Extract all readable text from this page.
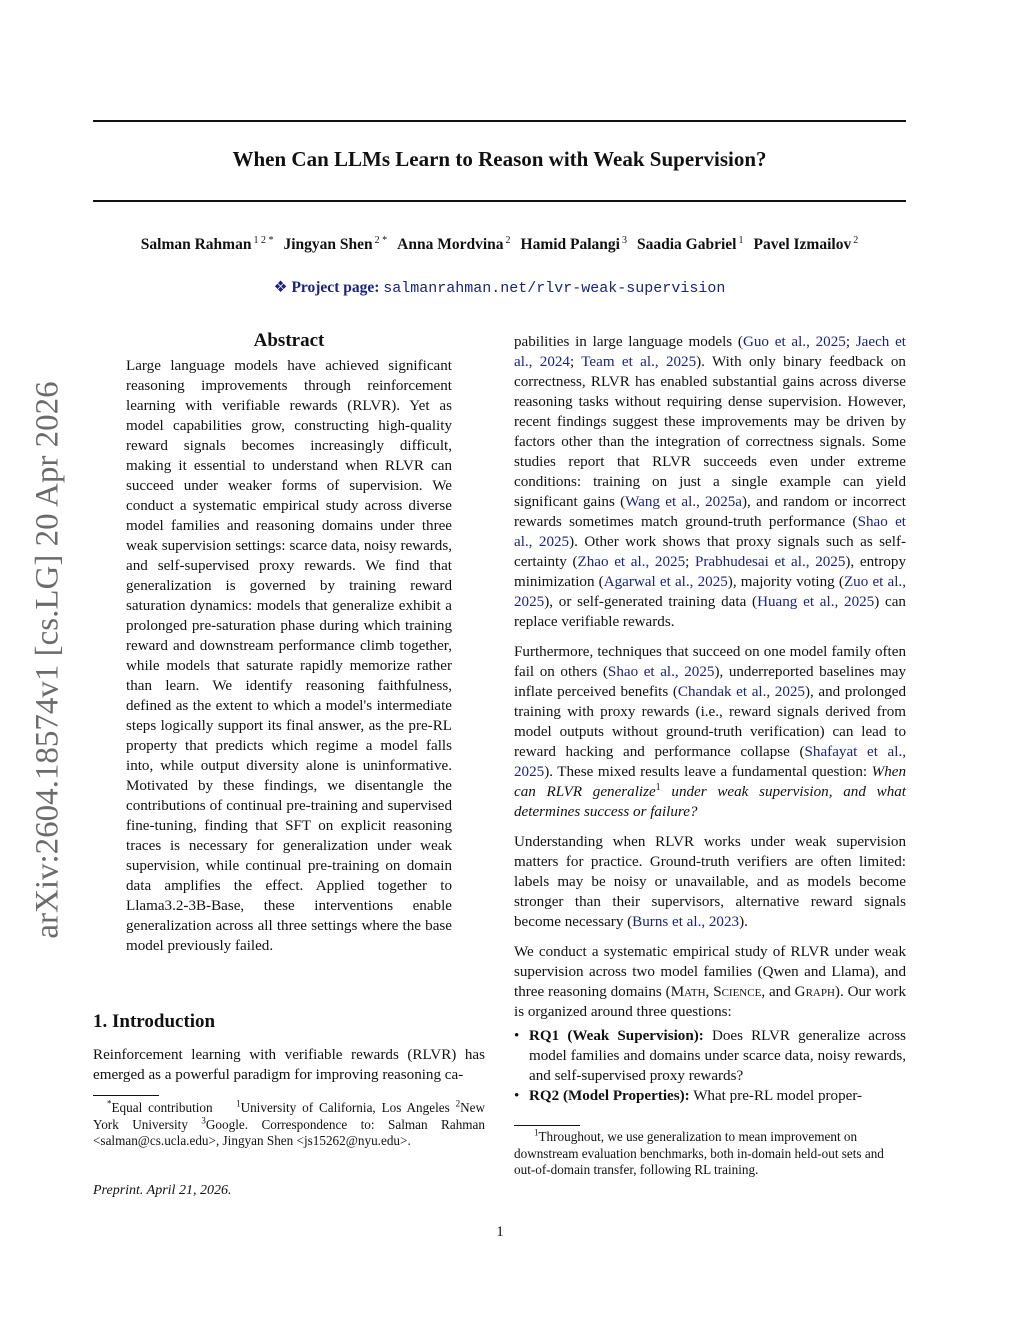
When Can LLMs Learn to Reason with Weak Supervision?
Salman Rahman $^{1 2 *}$ Jingyan Shen $^{2 *}$ Anna Mordvina $^2$ Hamid Palangi $^3$ Saadia Gabriel $^1$ Pavel Izmailov $^2$
❖ Project page: salmanrahman.net/rlvr-weak-supervision
arXiv:2604.18574v1 [cs.LG] 20 Apr 2026
Abstract
Large language models have achieved significant reasoning improvements through reinforcement learning with verifiable rewards (RLVR). Yet as model capabilities grow, constructing high-quality reward signals becomes increasingly difficult, making it essential to understand when RLVR can succeed under weaker forms of supervision. We conduct a systematic empirical study across diverse model families and reasoning domains under three weak supervision settings: scarce data, noisy rewards, and self-supervised proxy rewards. We find that generalization is governed by training reward saturation dynamics: models that generalize exhibit a prolonged pre-saturation phase during which training reward and downstream performance climb together, while models that saturate rapidly memorize rather than learn. We identify reasoning faithfulness, defined as the extent to which a model's intermediate steps logically support its final answer, as the pre-RL property that predicts which regime a model falls into, while output diversity alone is uninformative. Motivated by these findings, we disentangle the contributions of continual pre-training and supervised fine-tuning, finding that SFT on explicit reasoning traces is necessary for generalization under weak supervision, while continual pre-training on domain data amplifies the effect. Applied together to Llama3.2-3B-Base, these interventions enable generalization across all three settings where the base model previously failed.
1. Introduction
Reinforcement learning with verifiable rewards (RLVR) has emerged as a powerful paradigm for improving reasoning ca-
*Equal contribution	$^1$University of California, Los Angeles $^2$New York University $^3$Google. Correspondence to: Salman Rahman <salman@cs.ucla.edu>, Jingyan Shen <js15262@nyu.edu>.
Preprint. April 21, 2026.

pabilities in large language models (Guo et al., 2025; Jaech et al., 2024; Team et al., 2025). With only binary feedback on correctness, RLVR has enabled substantial gains across diverse reasoning tasks without requiring dense supervision. However, recent findings suggest these improvements may be driven by factors other than the integration of correctness signals. Some studies report that RLVR succeeds even under extreme conditions: training on just a single example can yield significant gains (Wang et al., 2025a), and random or incorrect rewards sometimes match ground-truth performance (Shao et al., 2025). Other work shows that proxy signals such as self-certainty (Zhao et al., 2025; Prabhudesai et al., 2025), entropy minimization (Agarwal et al., 2025), majority voting (Zuo et al., 2025), or self-generated training data (Huang et al., 2025) can replace verifiable rewards.

Furthermore, techniques that succeed on one model family often fail on others (Shao et al., 2025), underreported baselines may inflate perceived benefits (Chandak et al., 2025), and prolonged training with proxy rewards (i.e., reward signals derived from model outputs without ground-truth verification) can lead to reward hacking and performance collapse (Shafayat et al., 2025). These mixed results leave a fundamental question: When can RLVR generalize$^1$ under weak supervision, and what determines success or failure?

Understanding when RLVR works under weak supervision matters for practice. Ground-truth verifiers are often limited: labels may be noisy or unavailable, and as models become stronger than their supervisors, alternative reward signals become necessary (Burns et al., 2023).

We conduct a systematic empirical study of RLVR under weak supervision across two model families (Qwen and Llama), and three reasoning domains (Math, Science, and Graph). Our work is organized around three questions:

• RQ1 (Weak Supervision): Does RLVR generalize across model families and domains under scarce data, noisy rewards, and self-supervised proxy rewards?
• RQ2 (Model Properties): What pre-RL model proper-
$^1$Throughout, we use generalization to mean improvement on downstream evaluation benchmarks, both in-domain held-out sets and out-of-domain transfer, following RL training.
1
